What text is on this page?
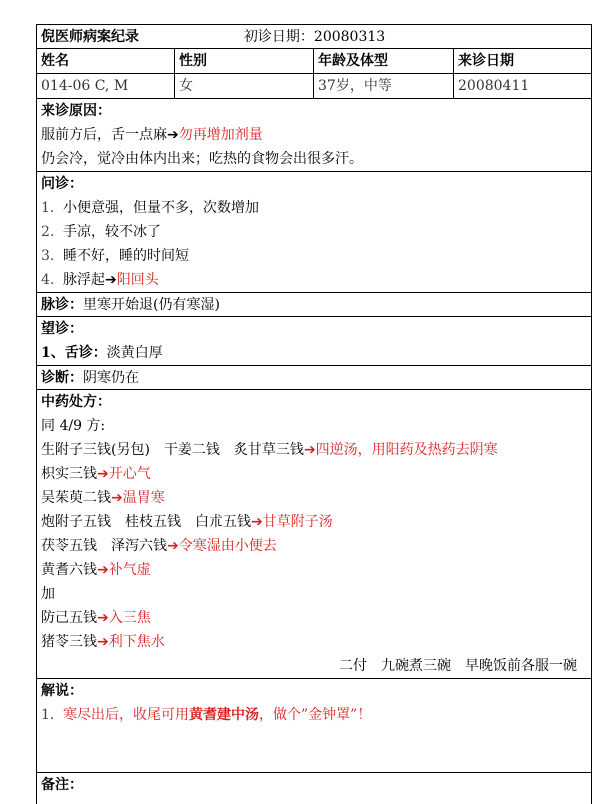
倪医师病案纪录	初诊日期：20080313
姓名	性别	年龄及体型	来诊日期
014-06 C, M	女	37岁，中等	20080411
来诊原因：
服前方后，舌一点麻➔勿再增加剂量
仍会冷，觉冷由体内出来；吃热的食物会出很多汗。
问诊：
1. 小便意强，但量不多，次数增加
2. 手凉，较不冰了
3. 睡不好，睡的时间短
4. 脉浮起➔阳回头
脉诊：里寒开始退(仍有寒湿)
望诊：
1、舌诊：淡黄白厚
诊断：阴寒仍在
中药处方：
同 4/9 方:
生附子三钱(另包)　干姜二钱　炙甘草三钱➔四逆汤，用阳药及热药去阴寒
枳实三钱➔开心气
吴茱萸二钱➔温胃寒
炮附子五钱　桂枝五钱　白朮五钱➔甘草附子汤
茯苓五钱　泽泻六钱➔令寒湿由小便去
黄耆六钱➔补气虚
加
防己五钱➔入三焦
猪苓三钱➔利下焦水
二付　九碗煮三碗　早晚饭前各服一碗
解说：
1. 寒尽出后，收尾可用黄耆建中汤，做个”金钟罩”！
备注：
